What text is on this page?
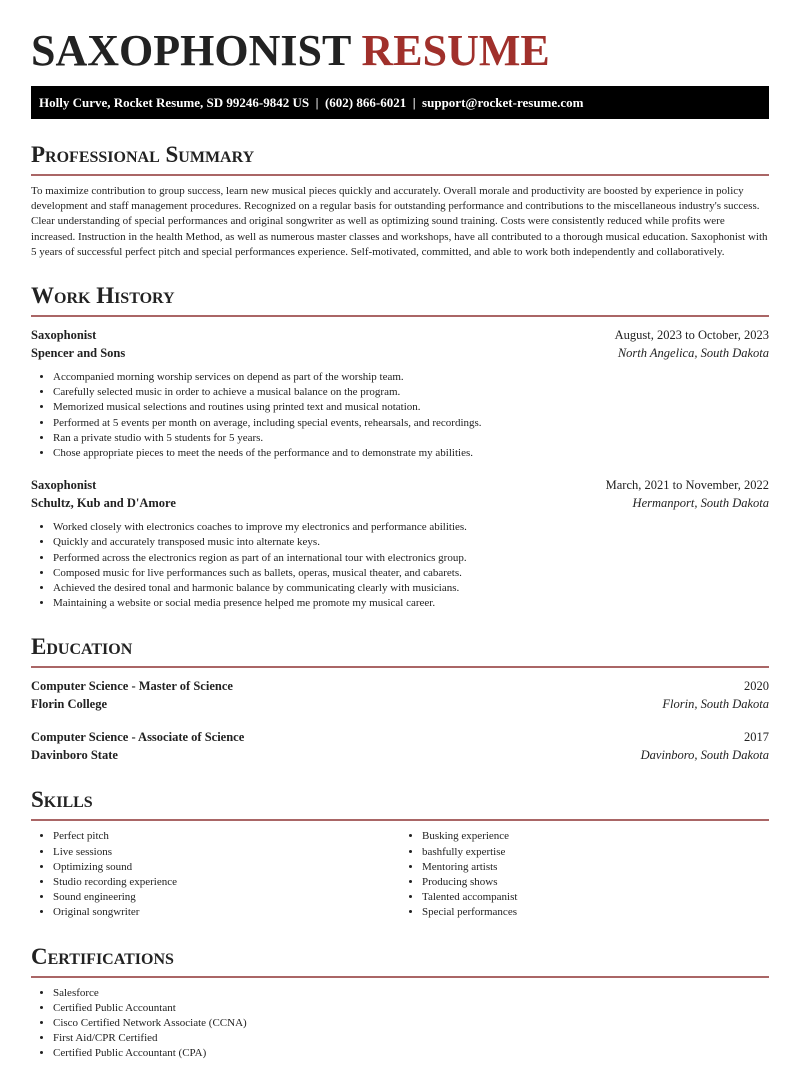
SAXOPHONIST RESUME
Holly Curve, Rocket Resume, SD 99246-9842 US  |  (602) 866-6021  |  support@rocket-resume.com
Professional Summary

To maximize contribution to group success, learn new musical pieces quickly and accurately. Overall morale and productivity are boosted by experience in policy development and staff management procedures. Recognized on a regular basis for outstanding performance and contributions to the miscellaneous industry's success. Clear understanding of special performances and original songwriter as well as optimizing sound training. Costs were consistently reduced while profits were increased. Instruction in the health Method, as well as numerous master classes and workshops, have all contributed to a thorough musical education. Saxophonist with 5 years of successful perfect pitch and special performances experience. Self-motivated, committed, and able to work both independently and collaboratively.

Work History
Saxophonist	August, 2023 to October, 2023
Spencer and Sons	North Angelica, South Dakota
• Accompanied morning worship services on depend as part of the worship team.
• Carefully selected music in order to achieve a musical balance on the program.
• Memorized musical selections and routines using printed text and musical notation.
• Performed at 5 events per month on average, including special events, rehearsals, and recordings.
• Ran a private studio with 5 students for 5 years.
• Chose appropriate pieces to meet the needs of the performance and to demonstrate my abilities.
Saxophonist	March, 2021 to November, 2022
Schultz, Kub and D'Amore	Hermanport, South Dakota
• Worked closely with electronics coaches to improve my electronics and performance abilities.
• Quickly and accurately transposed music into alternate keys.
• Performed across the electronics region as part of an international tour with electronics group.
• Composed music for live performances such as ballets, operas, musical theater, and cabarets.
• Achieved the desired tonal and harmonic balance by communicating clearly with musicians.
• Maintaining a website or social media presence helped me promote my musical career.
Education
Computer Science - Master of Science	2020
Florin College	Florin, South Dakota
Computer Science - Associate of Science	2017
Davinboro State	Davinboro, South Dakota
Skills
• Perfect pitch
• Live sessions
• Optimizing sound
• Studio recording experience
• Sound engineering
• Original songwriter
• Busking experience
• bashfully expertise
• Mentoring artists
• Producing shows
• Talented accompanist
• Special performances
Certifications
• Salesforce
• Certified Public Accountant
• Cisco Certified Network Associate (CCNA)
• First Aid/CPR Certified
• Certified Public Accountant (CPA)
